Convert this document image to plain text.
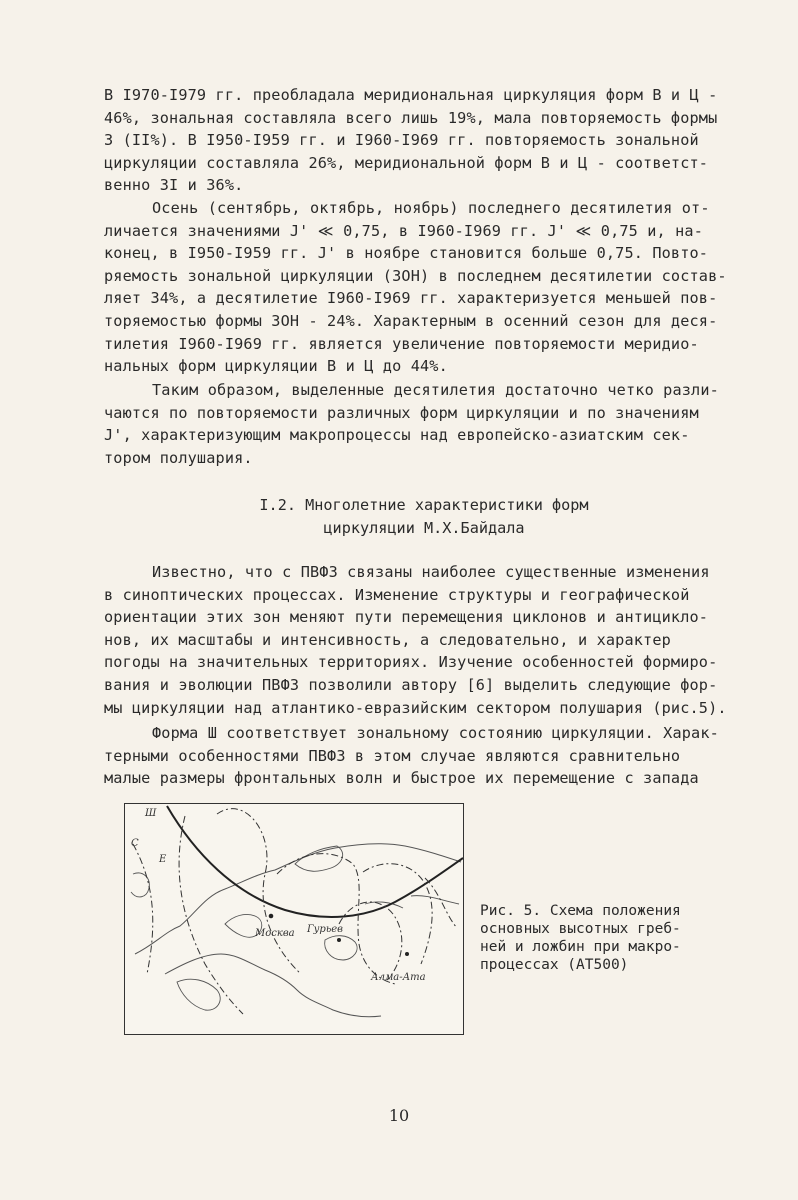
В I970-I979 гг. преобладала меридиональная циркуляция форм В и Ц -
46%, зональная составляла всего лишь 19%, мала повторяемость формы
З (II%). В I950-I959 гг. и I960-I969 гг. повторяемость зональной
циркуляции составляла 26%, меридиональной форм В и Ц - соответст-
венно 3I и 36%.

Осень (сентябрь, октябрь, ноябрь) последнего десятилетия от-
личается значениями J' ≪ 0,75, в I960-I969 гг. J' ≪ 0,75 и, на-
конец, в I950-I959 гг. J' в ноябре становится больше 0,75. Повто-
ряемость зональной циркуляции (ЗОН) в последнем десятилетии состав-
ляет 34%, а десятилетие I960-I969 гг. характеризуется меньшей пов-
торяемостью формы ЗОН - 24%. Характерным в осенний сезон для деся-
тилетия I960-I969 гг. является увеличение повторяемости меридио-
нальных форм циркуляции В и Ц до 44%.

Таким образом, выделенные десятилетия достаточно четко разли-
чаются по повторяемости различных форм циркуляции и по значениям
J', характеризующим макропроцессы над европейско-азиатским сек-
тором полушария.

I.2. Многолетние характеристики форм
циркуляции М.Х.Байдала

Известно, что с ПВФЗ связаны наиболее существенные изменения
в синоптических процессах. Изменение структуры и географической
ориентации этих зон меняют пути перемещения циклонов и антицикло-
нов, их масштабы и интенсивность, а следовательно, и характер
погоды на значительных территориях. Изучение особенностей формиро-
вания и эволюции ПВФЗ позволили автору [6] выделить следующие фор-
мы циркуляции над атлантико-евразийским сектором полушария (рис.5).

Форма Ш соответствует зональному состоянию циркуляции. Харак-
терными особенностями ПВФЗ в этом случае являются сравнительно
малые размеры фронтальных волн и быстрое их перемещение с запада

Ш
С
Е
Москва Гурьев
Алма-Ата
Рис. 5. Схема положения
основных высотных греб-
ней и ложбин при макро-
процессах (AT500)
10
